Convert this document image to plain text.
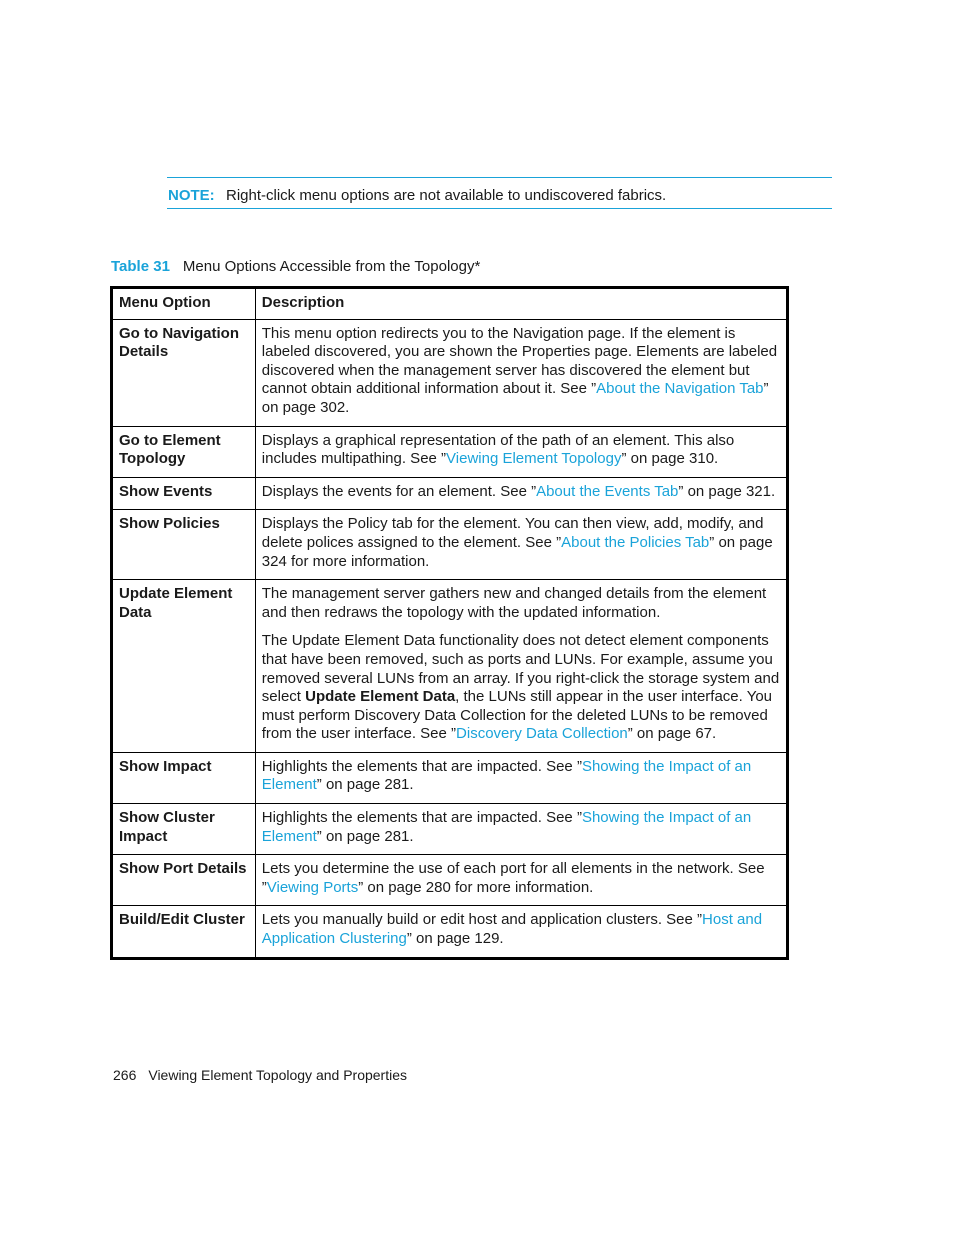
NOTE: Right-click menu options are not available to undiscovered fabrics.
Table 31 Menu Options Accessible from the Topology*
Menu Option	Description
Go to Navigation Details	This menu option redirects you to the Navigation page. If the element is labeled discovered, you are shown the Properties page. Elements are labeled discovered when the management server has discovered the element but cannot obtain additional information about it. See ”About the Navigation Tab” on page 302.
Go to Element Topology	Displays a graphical representation of the path of an element. This also includes multipathing. See ”Viewing Element Topology” on page 310.
Show Events	Displays the events for an element. See ”About the Events Tab” on page 321.
Show Policies	Displays the Policy tab for the element. You can then view, add, modify, and delete polices assigned to the element. See ”About the Policies Tab” on page 324 for more information.
Update Element Data	The management server gathers new and changed details from the element and then redraws the topology with the updated information.
The Update Element Data functionality does not detect element components that have been removed, such as ports and LUNs. For example, assume you removed several LUNs from an array. If you right-click the storage system and select Update Element Data, the LUNs still appear in the user interface. You must perform Discovery Data Collection for the deleted LUNs to be removed from the user interface. See ”Discovery Data Collection” on page 67.

Show Impact	Highlights the elements that are impacted. See ”Showing the Impact of an Element” on page 281.
Show Cluster Impact	Highlights the elements that are impacted. See ”Showing the Impact of an Element” on page 281.
Show Port Details	Lets you determine the use of each port for all elements in the network. See ”Viewing Ports” on page 280 for more information.
Build/Edit Cluster	Lets you manually build or edit host and application clusters. See ”Host and Application Clustering” on page 129.
266 Viewing Element Topology and Properties
